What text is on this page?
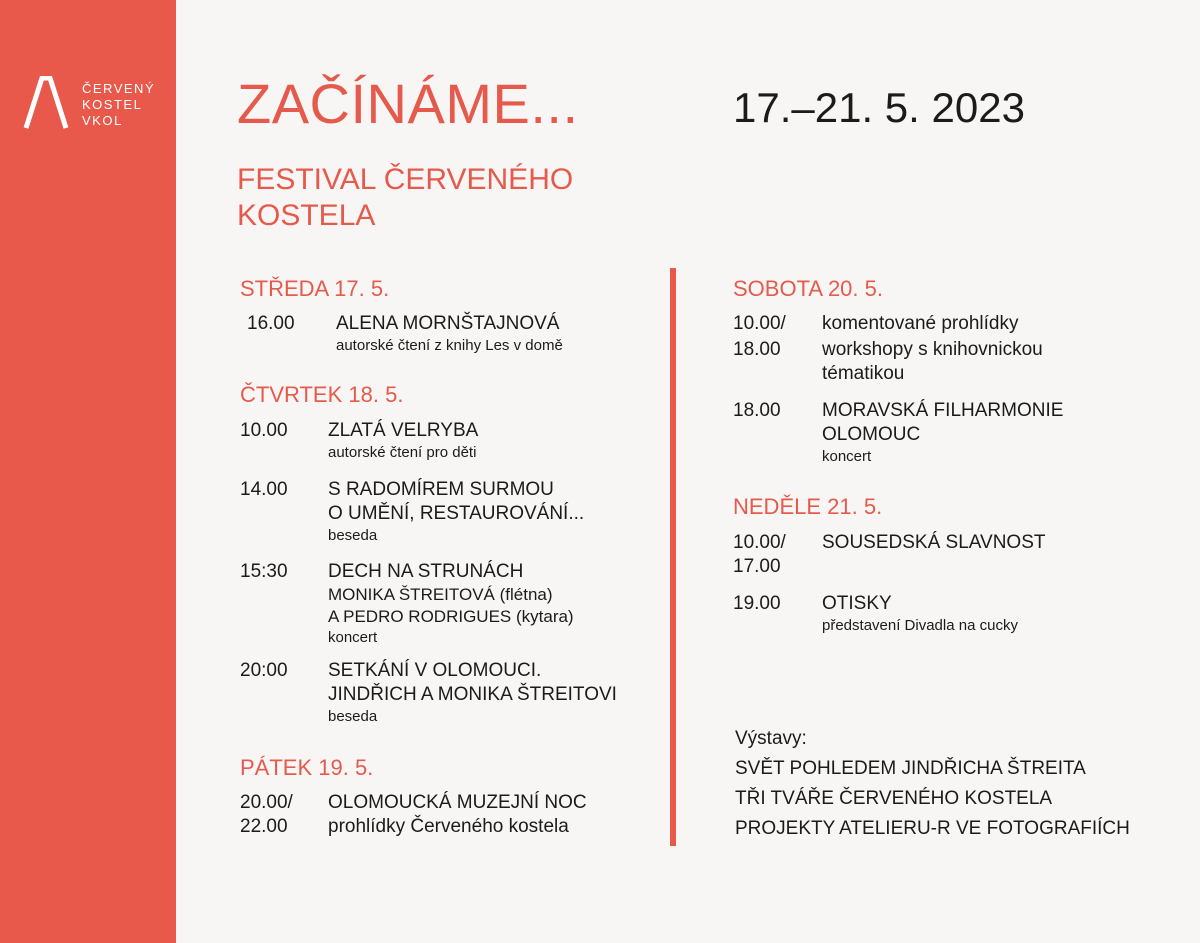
ČERVENÝ
KOSTEL
VKOL	ZAČÍNÁME...	17.–21. 5. 2023
FESTIVAL ČERVENÉHO KOSTELA
STŘEDA 17. 5.
16.00 ALENA MORNŠTAJNOVÁ
autorské čtení z knihy Les v domě
ČTVRTEK 18. 5.
10.00 ZLATÁ VELRYBA
autorské čtení pro děti
14.00 S RADOMÍREM SURMOU
O UMĚNÍ, RESTAUROVÁNÍ...
beseda
15:30 DECH NA STRUNÁCH
MONIKA ŠTREITOVÁ (flétna)
A PEDRO RODRIGUES (kytara)
koncert
20:00 SETKÁNÍ V OLOMOUCI.
JINDŘICH A MONIKA ŠTREITOVI
beseda
PÁTEK 19. 5.
20.00/
22.00
OLOMOUCKÁ MUZEJNÍ NOC
prohlídky Červeného kostela
SOBOTA 20. 5.
10.00/
18.00
komentované prohlídky
workshopy s knihovnickou
tématikou
18.00 MORAVSKÁ FILHARMONIE
OLOMOUC
koncert
NEDĚLE 21. 5.
10.00/
17.00
SOUSEDSKÁ SLAVNOST
19.00 OTISKY
představení Divadla na cucky
Výstavy:
SVĚT POHLEDEM JINDŘICHA ŠTREITA
TŘI TVÁŘE ČERVENÉHO KOSTELA
PROJEKTY ATELIERU-R VE FOTOGRAFIÍCH
